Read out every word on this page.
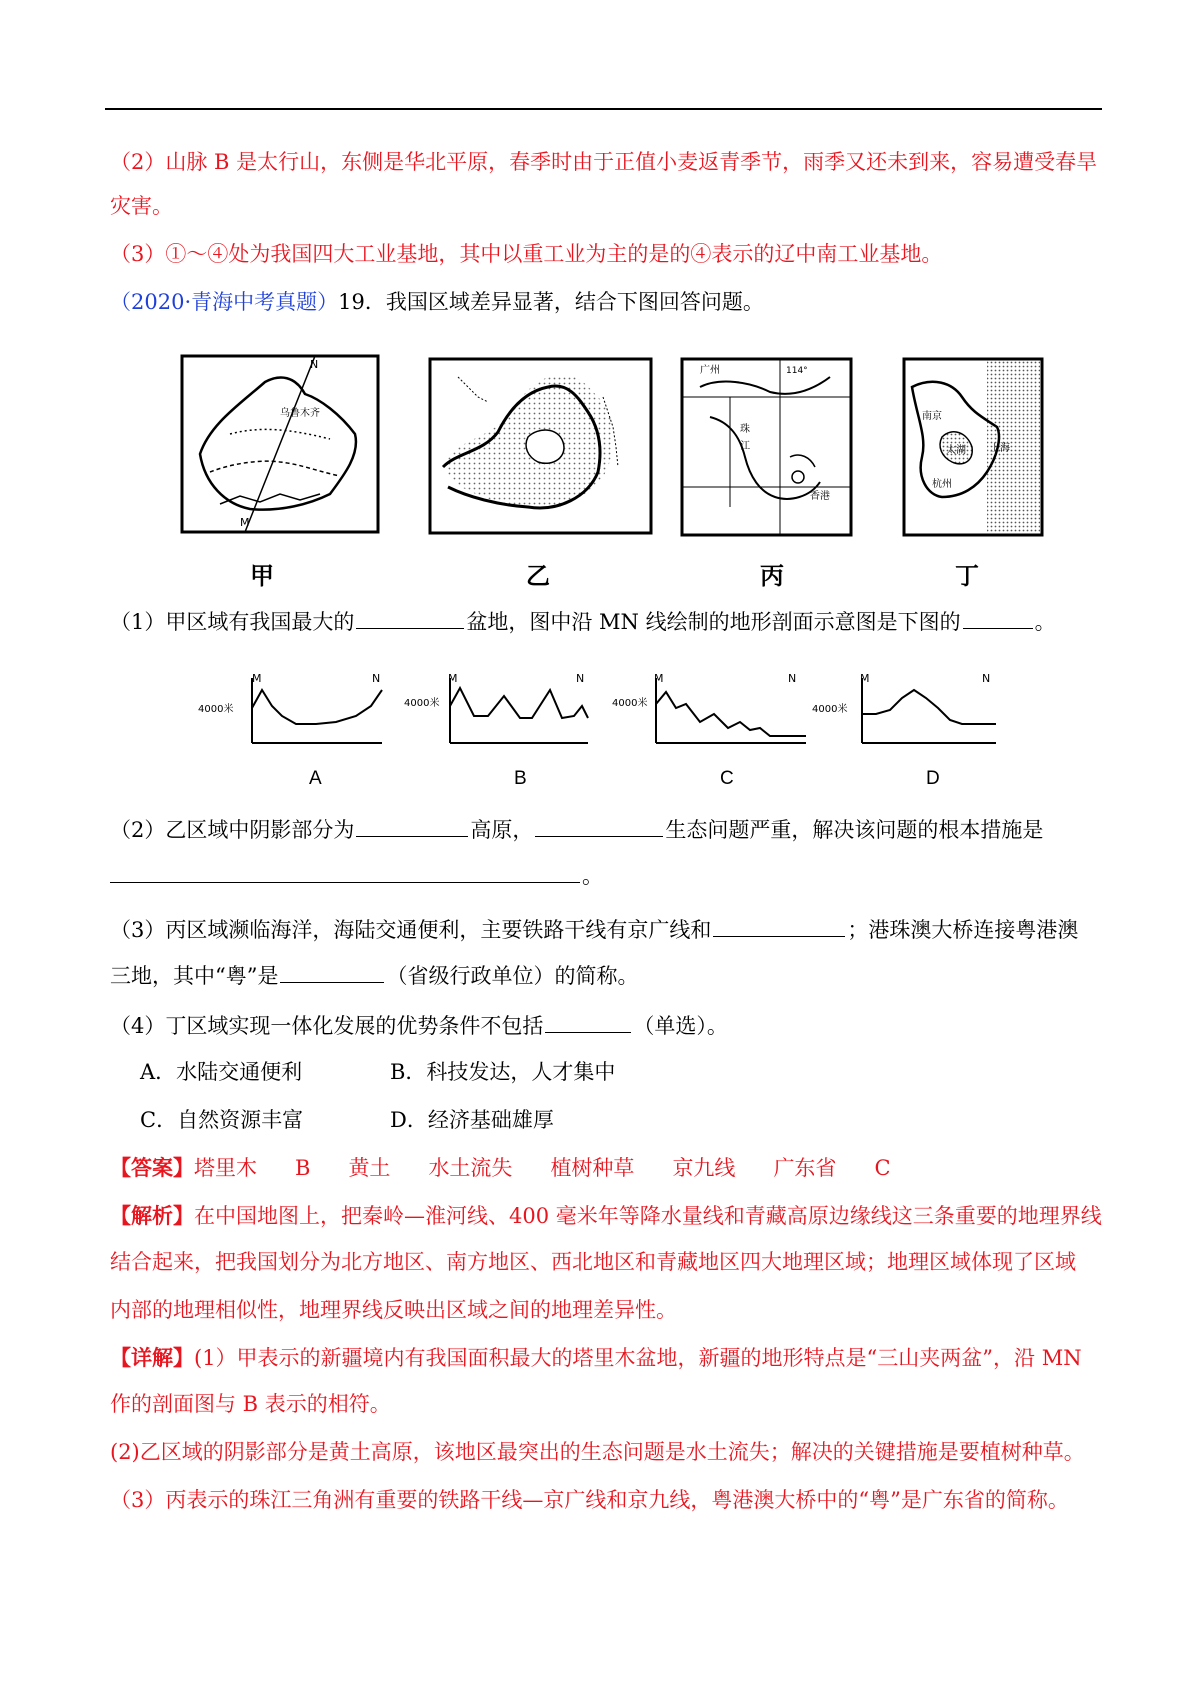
（2）山脉 B 是太行山，东侧是华北平原，春季时由于正值小麦返青季节，雨季又还未到来，容易遭受春旱
灾害。
（3）①～④处为我国四大工业基地，其中以重工业为主的是的④表示的辽中南工业基地。
（2020·青海中考真题）19．我国区域差异显著，结合下图回答问题。
乌鲁木齐
N
M
甲	乙
广州
珠
江
香港
114°
丙
南京
太湖
杭州
上海
丁
（1）甲区域有我国最大的	盆地，图中沿 MN 线绘制的地形剖面示意图是下图的	。
M	N
4000米
M	N
4000米
M	N
4000米
M	N
4000米
A	B	C	D
（2）乙区域中阴影部分为	高原，	生态问题严重，解决该问题的根本措施是
。
（3）丙区域濒临海洋，海陆交通便利，主要铁路干线有京广线和	；港珠澳大桥连接粤港澳
三地，其中“粤”是	（省级行政单位）的简称。
（4）丁区域实现一体化发展的优势条件不包括	（单选）。
A．水陆交通便利	B．科技发达，人才集中
C．自然资源丰富	D．经济基础雄厚
【答案】塔里木 B 黄土 水土流失 植树种草 京九线 广东省 C
【解析】在中国地图上，把秦岭—淮河线、400 毫米年等降水量线和青藏高原边缘线这三条重要的地理界线
结合起来，把我国划分为北方地区、南方地区、西北地区和青藏地区四大地理区域；地理区域体现了区域
内部的地理相似性，地理界线反映出区域之间的地理差异性。
【详解】(1）甲表示的新疆境内有我国面积最大的塔里木盆地，新疆的地形特点是“三山夹两盆”，沿 MN
作的剖面图与 B 表示的相符。
(2)乙区域的阴影部分是黄土高原，该地区最突出的生态问题是水土流失；解决的关键措施是要植树种草。
（3）丙表示的珠江三角洲有重要的铁路干线—京广线和京九线，粤港澳大桥中的“粤”是广东省的简称。
